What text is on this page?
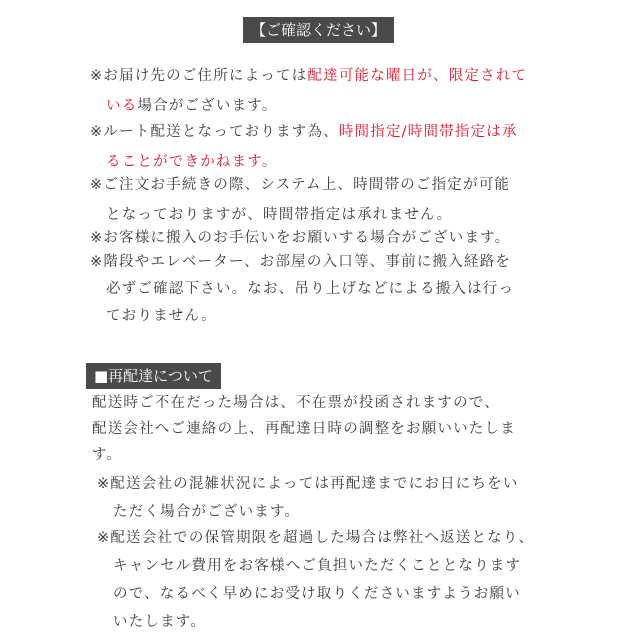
【ご確認ください】
※お届け先のご住所によっては配達可能な曜日が、限定されて
いる場合がございます。
※ルート配送となっております為、時間指定/時間帯指定は承
ることができかねます。
※ご注文お手続きの際、システム上、時間帯のご指定が可能
となっておりますが、時間帯指定は承れません。
※お客様に搬入のお手伝いをお願いする場合がございます。
※階段やエレベーター、お部屋の入口等、事前に搬入経路を
必ずご確認下さい。なお、吊り上げなどによる搬入は行っ
ておりません。
■再配達について
配送時ご不在だった場合は、不在票が投函されますので、
配送会社へご連絡の上、再配達日時の調整をお願いいたしま
す。
※配送会社の混雑状況によっては再配達までにお日にちをい
ただく場合がございます。
※配送会社での保管期限を超過した場合は弊社へ返送となり、
キャンセル費用をお客様へご負担いただくこととなります
ので、なるべく早めにお受け取りくださいますようお願い
いたします。
